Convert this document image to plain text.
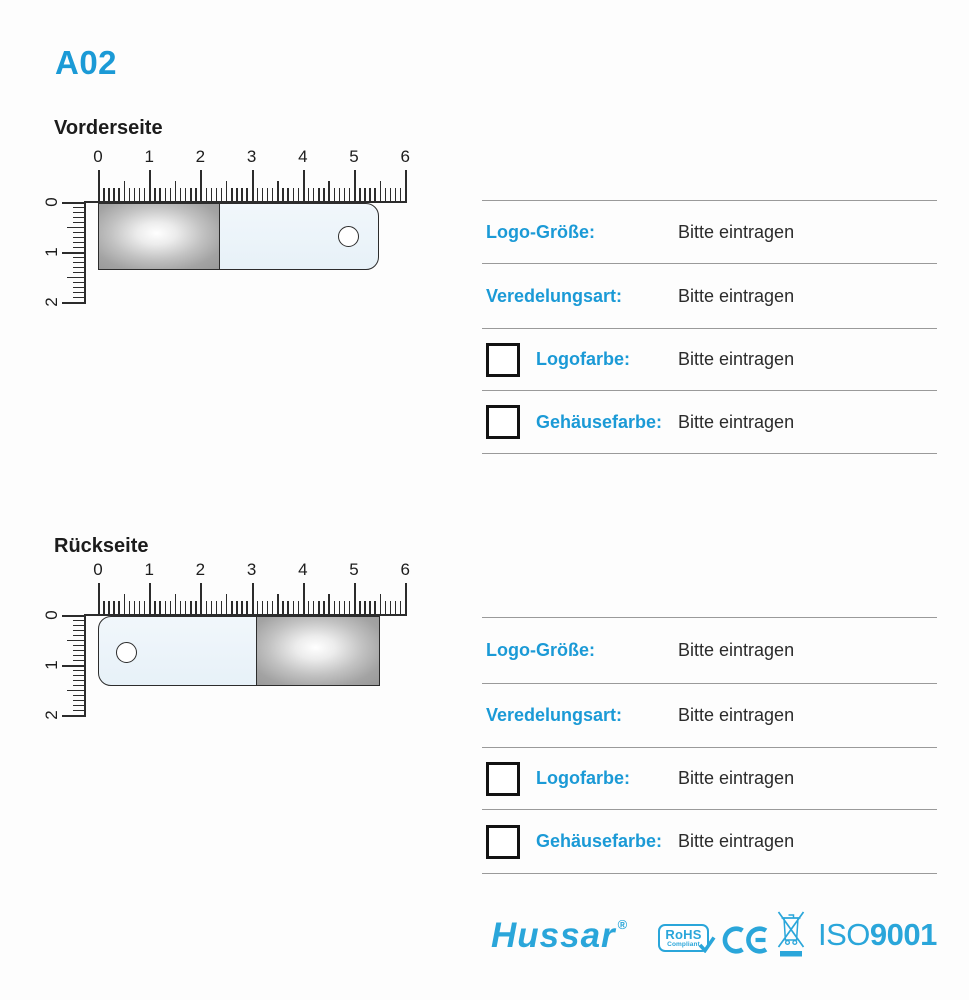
A02
Vorderseite
0 1 2 3 4 5 6
0
1
2
Logo-Größe:	Bitte eintragen
Veredelungsart:	Bitte eintragen
Logofarbe:	Bitte eintragen
Gehäusefarbe: Bitte eintragen
Rückseite
0 1 2 3 4 5 6
0
1
2
Logo-Größe:	Bitte eintragen
Veredelungsart:	Bitte eintragen
Logofarbe:	Bitte eintragen
Gehäusefarbe: Bitte eintragen
Hussar ®
RoHS
Compliant	ISO9001
